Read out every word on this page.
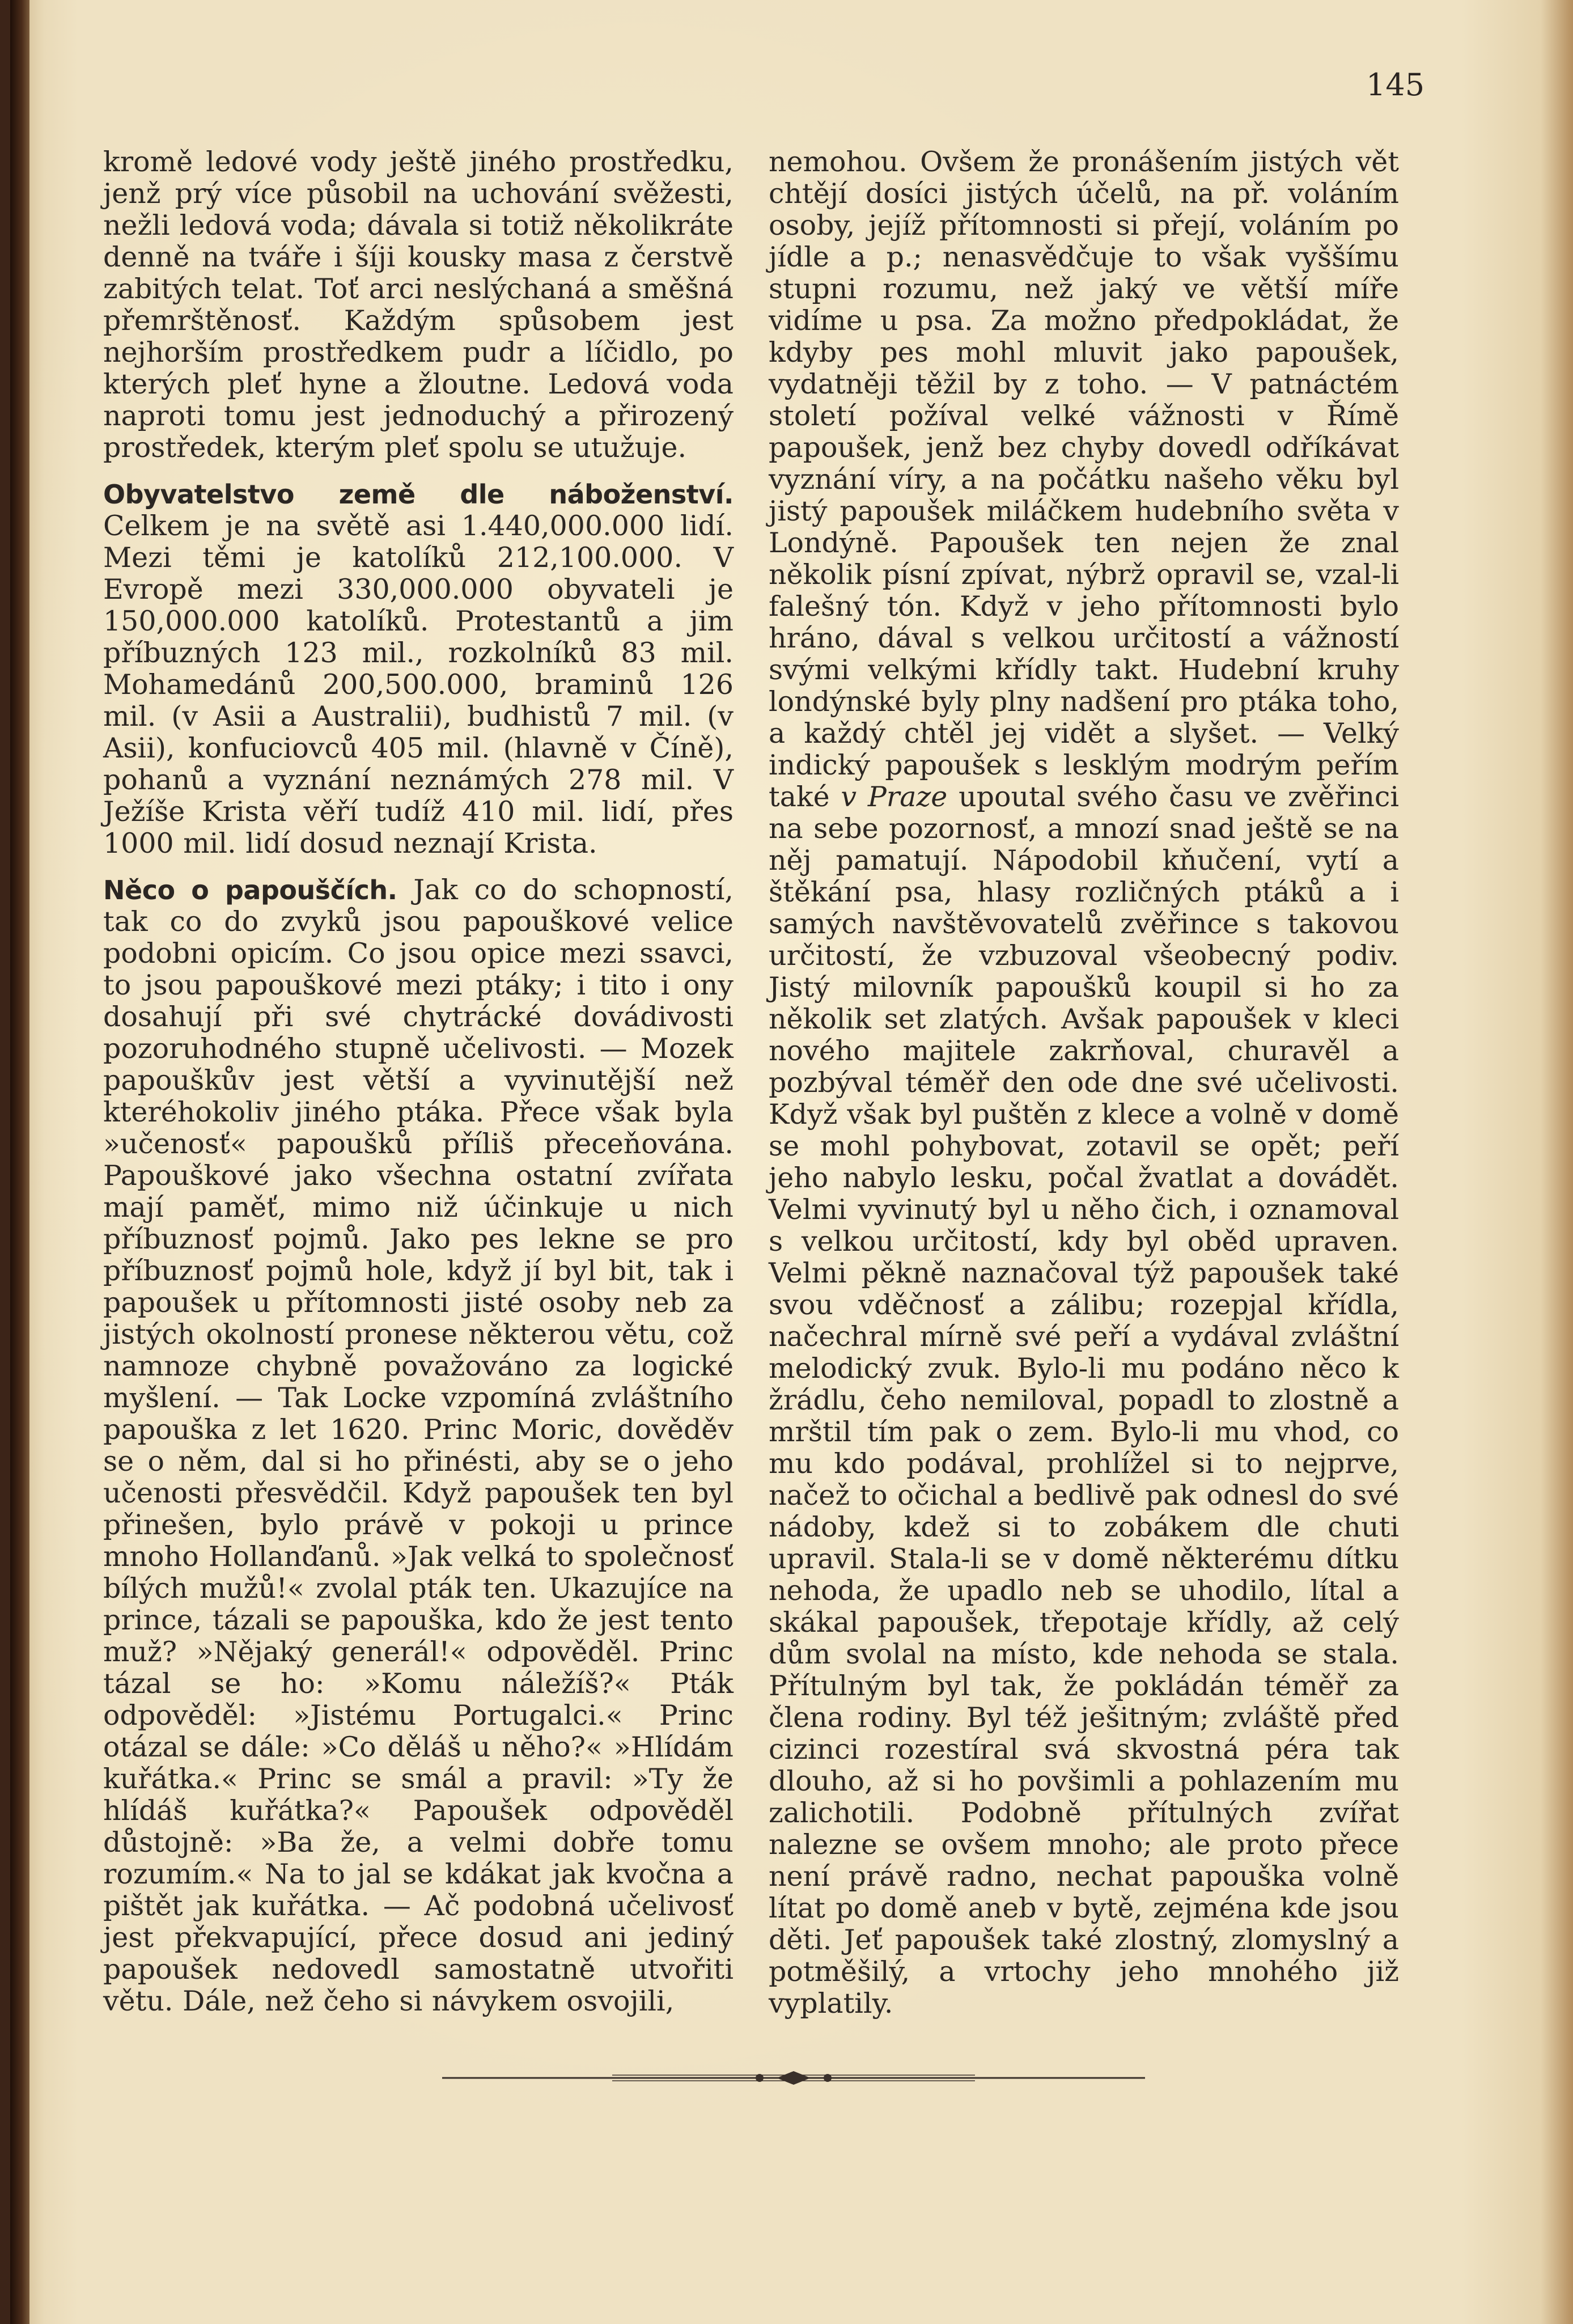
145

kromě ledové vody ještě jiného prostředku, jenž prý více působil na uchování svěžesti, nežli ledová voda; dávala si totiž několikráte denně na tváře i šíji kousky masa z čerstvě zabitých telat. Toť arci neslýchaná a směšná přemrštěnosť. Každým spůsobem jest nejhorším prostředkem pudr a líčidlo, po kterých pleť hyne a žloutne. Ledová voda naproti tomu jest jednoduchý a přirozený prostředek, kterým pleť spolu se utužuje.

Obyvatelstvo země dle náboženství. Celkem je na světě asi 1.440,000.000 lidí. Mezi těmi je katolíků 212,100.000. V Evropě mezi 330,000.000 obyvateli je 150,000.000 katolíků. Protestantů a jim příbuzných 123 mil., rozkolníků 83 mil. Mohamedánů 200,500.000, braminů 126 mil. (v Asii a Australii), budhistů 7 mil. (v Asii), konfuciovců 405 mil. (hlavně v Číně), pohanů a vyznání neznámých 278 mil. V Ježíše Krista věří tudíž 410 mil. lidí, přes 1000 mil. lidí dosud neznají Krista.

Něco o papouščích. Jak co do schopností, tak co do zvyků jsou papouškové velice podobni opicím. Co jsou opice mezi ssavci, to jsou papouškové mezi ptáky; i tito i ony dosahují při své chytrácké dovádivosti pozoruhodného stupně učelivosti. — Mozek papouškův jest větší a vyvinutější než kteréhokoliv jiného ptáka. Přece však byla »učenosť« papoušků příliš přeceňována. Papouškové jako všechna ostatní zvířata mají paměť, mimo niž účinkuje u nich příbuznosť pojmů. Jako pes lekne se pro příbuznosť pojmů hole, když jí byl bit, tak i papoušek u přítomnosti jisté osoby neb za jistých okolností pronese některou větu, což namnoze chybně považováno za logické myšlení. — Tak Locke vzpomíná zvláštního papouška z let 1620. Princ Moric, dověděv se o něm, dal si ho přinésti, aby se o jeho učenosti přesvědčil. Když papoušek ten byl přinešen, bylo právě v pokoji u prince mnoho Hollanďanů. »Jak velká to společnosť bílých mužů!« zvolal pták ten. Ukazujíce na prince, tázali se papouška, kdo že jest tento muž? »Nějaký generál!« odpověděl. Princ tázal se ho: »Komu náležíš?« Pták odpověděl: »Jistému Portugalci.« Princ otázal se dále: »Co děláš u něho?« »Hlídám kuřátka.« Princ se smál a pravil: »Ty že hlídáš kuřátka?« Papoušek odpověděl důstojně: »Ba že, a velmi dobře tomu rozumím.« Na to jal se kdákat jak kvočna a pištět jak kuřátka. — Ač podobná učelivosť jest překvapující, přece dosud ani jediný papoušek nedovedl samostatně utvořiti větu. Dále, než čeho si návykem osvojili,

nemohou. Ovšem že pronášením jistých vět chtějí dosíci jistých účelů, na př. voláním osoby, jejíž přítomnosti si přejí, voláním po jídle a p.; nenasvědčuje to však vyššímu stupni rozumu, než jaký ve větší míře vidíme u psa. Za možno předpokládat, že kdyby pes mohl mluvit jako papoušek, vydatněji těžil by z toho. — V patnáctém století požíval velké vážnosti v Římě papoušek, jenž bez chyby dovedl odříkávat vyznání víry, a na počátku našeho věku byl jistý papoušek miláčkem hudebního světa v Londýně. Papoušek ten nejen že znal několik písní zpívat, nýbrž opravil se, vzal-li falešný tón. Když v jeho přítomnosti bylo hráno, dával s velkou určitostí a vážností svými velkými křídly takt. Hudební kruhy londýnské byly plny nadšení pro ptáka toho, a každý chtěl jej vidět a slyšet. — Velký indický papoušek s lesklým modrým peřím také v Praze upoutal svého času ve zvěřinci na sebe pozornosť, a mnozí snad ještě se na něj pamatují. Nápodobil kňučení, vytí a štěkání psa, hlasy rozličných ptáků a i samých navštěvovatelů zvěřince s takovou určitostí, že vzbuzoval všeobecný podiv. Jistý milovník papoušků koupil si ho za několik set zlatých. Avšak papoušek v kleci nového majitele zakrňoval, churavěl a pozbýval téměř den ode dne své učelivosti. Když však byl puštěn z klece a volně v domě se mohl pohybovat, zotavil se opět; peří jeho nabylo lesku, počal žvatlat a dovádět. Velmi vyvinutý byl u něho čich, i oznamoval s velkou určitostí, kdy byl oběd upraven. Velmi pěkně naznačoval týž papoušek také svou vděčnosť a zálibu; rozepjal křídla, načechral mírně své peří a vydával zvláštní melodický zvuk. Bylo-li mu podáno něco k žrádlu, čeho nemiloval, popadl to zlostně a mrštil tím pak o zem. Bylo-li mu vhod, co mu kdo podával, prohlížel si to nejprve, načež to očichal a bedlivě pak odnesl do své nádoby, kdež si to zobákem dle chuti upravil. Stala-li se v domě některému dítku nehoda, že upadlo neb se uhodilo, lítal a skákal papoušek, třepotaje křídly, až celý dům svolal na místo, kde nehoda se stala. Přítulným byl tak, že pokládán téměř za člena rodiny. Byl též ješitným; zvláště před cizinci rozestíral svá skvostná péra tak dlouho, až si ho povšimli a pohlazením mu zalichotili. Podobně přítulných zvířat nalezne se ovšem mnoho; ale proto přece není právě radno, nechat papouška volně lítat po domě aneb v bytě, zejména kde jsou děti. Jeť papoušek také zlostný, zlomyslný a potměšilý, a vrtochy jeho mnohého již vyplatily.
